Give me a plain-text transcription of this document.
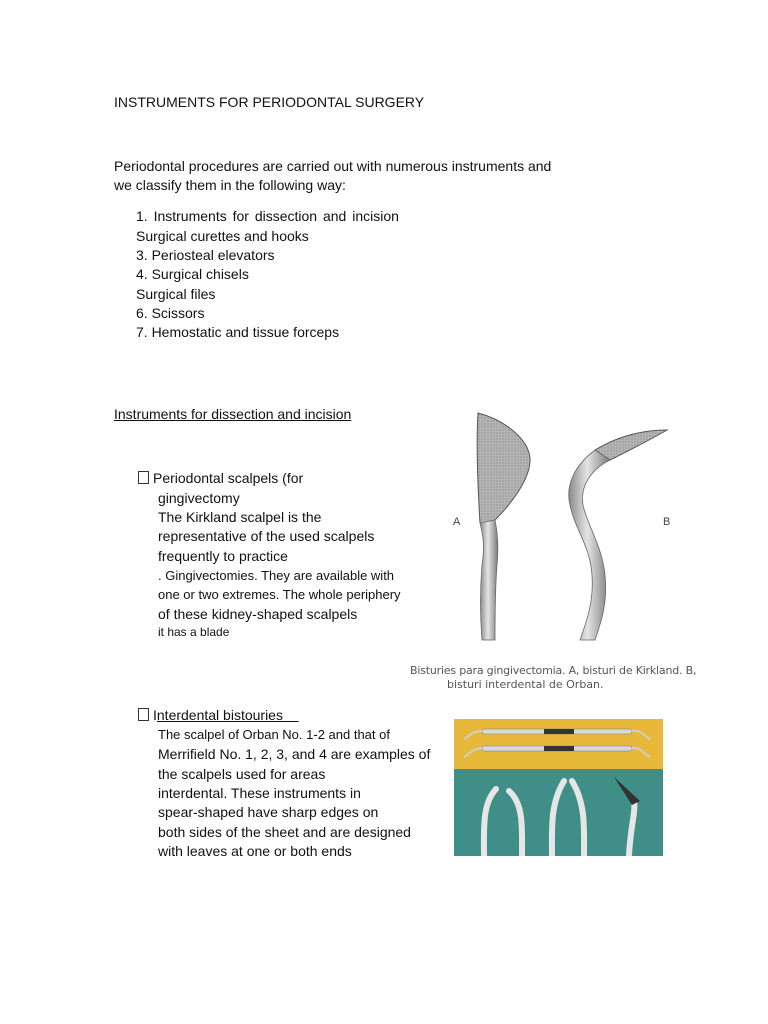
INSTRUMENTS FOR PERIODONTAL SURGERY
Periodontal procedures are carried out with numerous instruments and
we classify them in the following way:
1. Instruments for dissection and incision
Surgical curettes and hooks
3. Periosteal elevators
4. Surgical chisels
Surgical files
6. Scissors
7. Hemostatic and tissue forceps
Instruments for dissection and incision
Periodontal scalpels (for
gingivectomy
The Kirkland scalpel is the
representative of the used scalpels
frequently to practice
. Gingivectomies. They are available with
one or two extremes. The whole periphery
of these kidney-shaped scalpels
it has a blade
A	B
Bisturies para gingivectomia. A, bisturi de Kirkland. B,
bisturi interdental de Orban.
Interdental bistouries
The scalpel of Orban No. 1-2 and that of
Merrifield No. 1, 2, 3, and 4 are examples of
the scalpels used for areas
interdental. These instruments in
spear-shaped have sharp edges on
both sides of the sheet and are designed
with leaves at one or both ends
